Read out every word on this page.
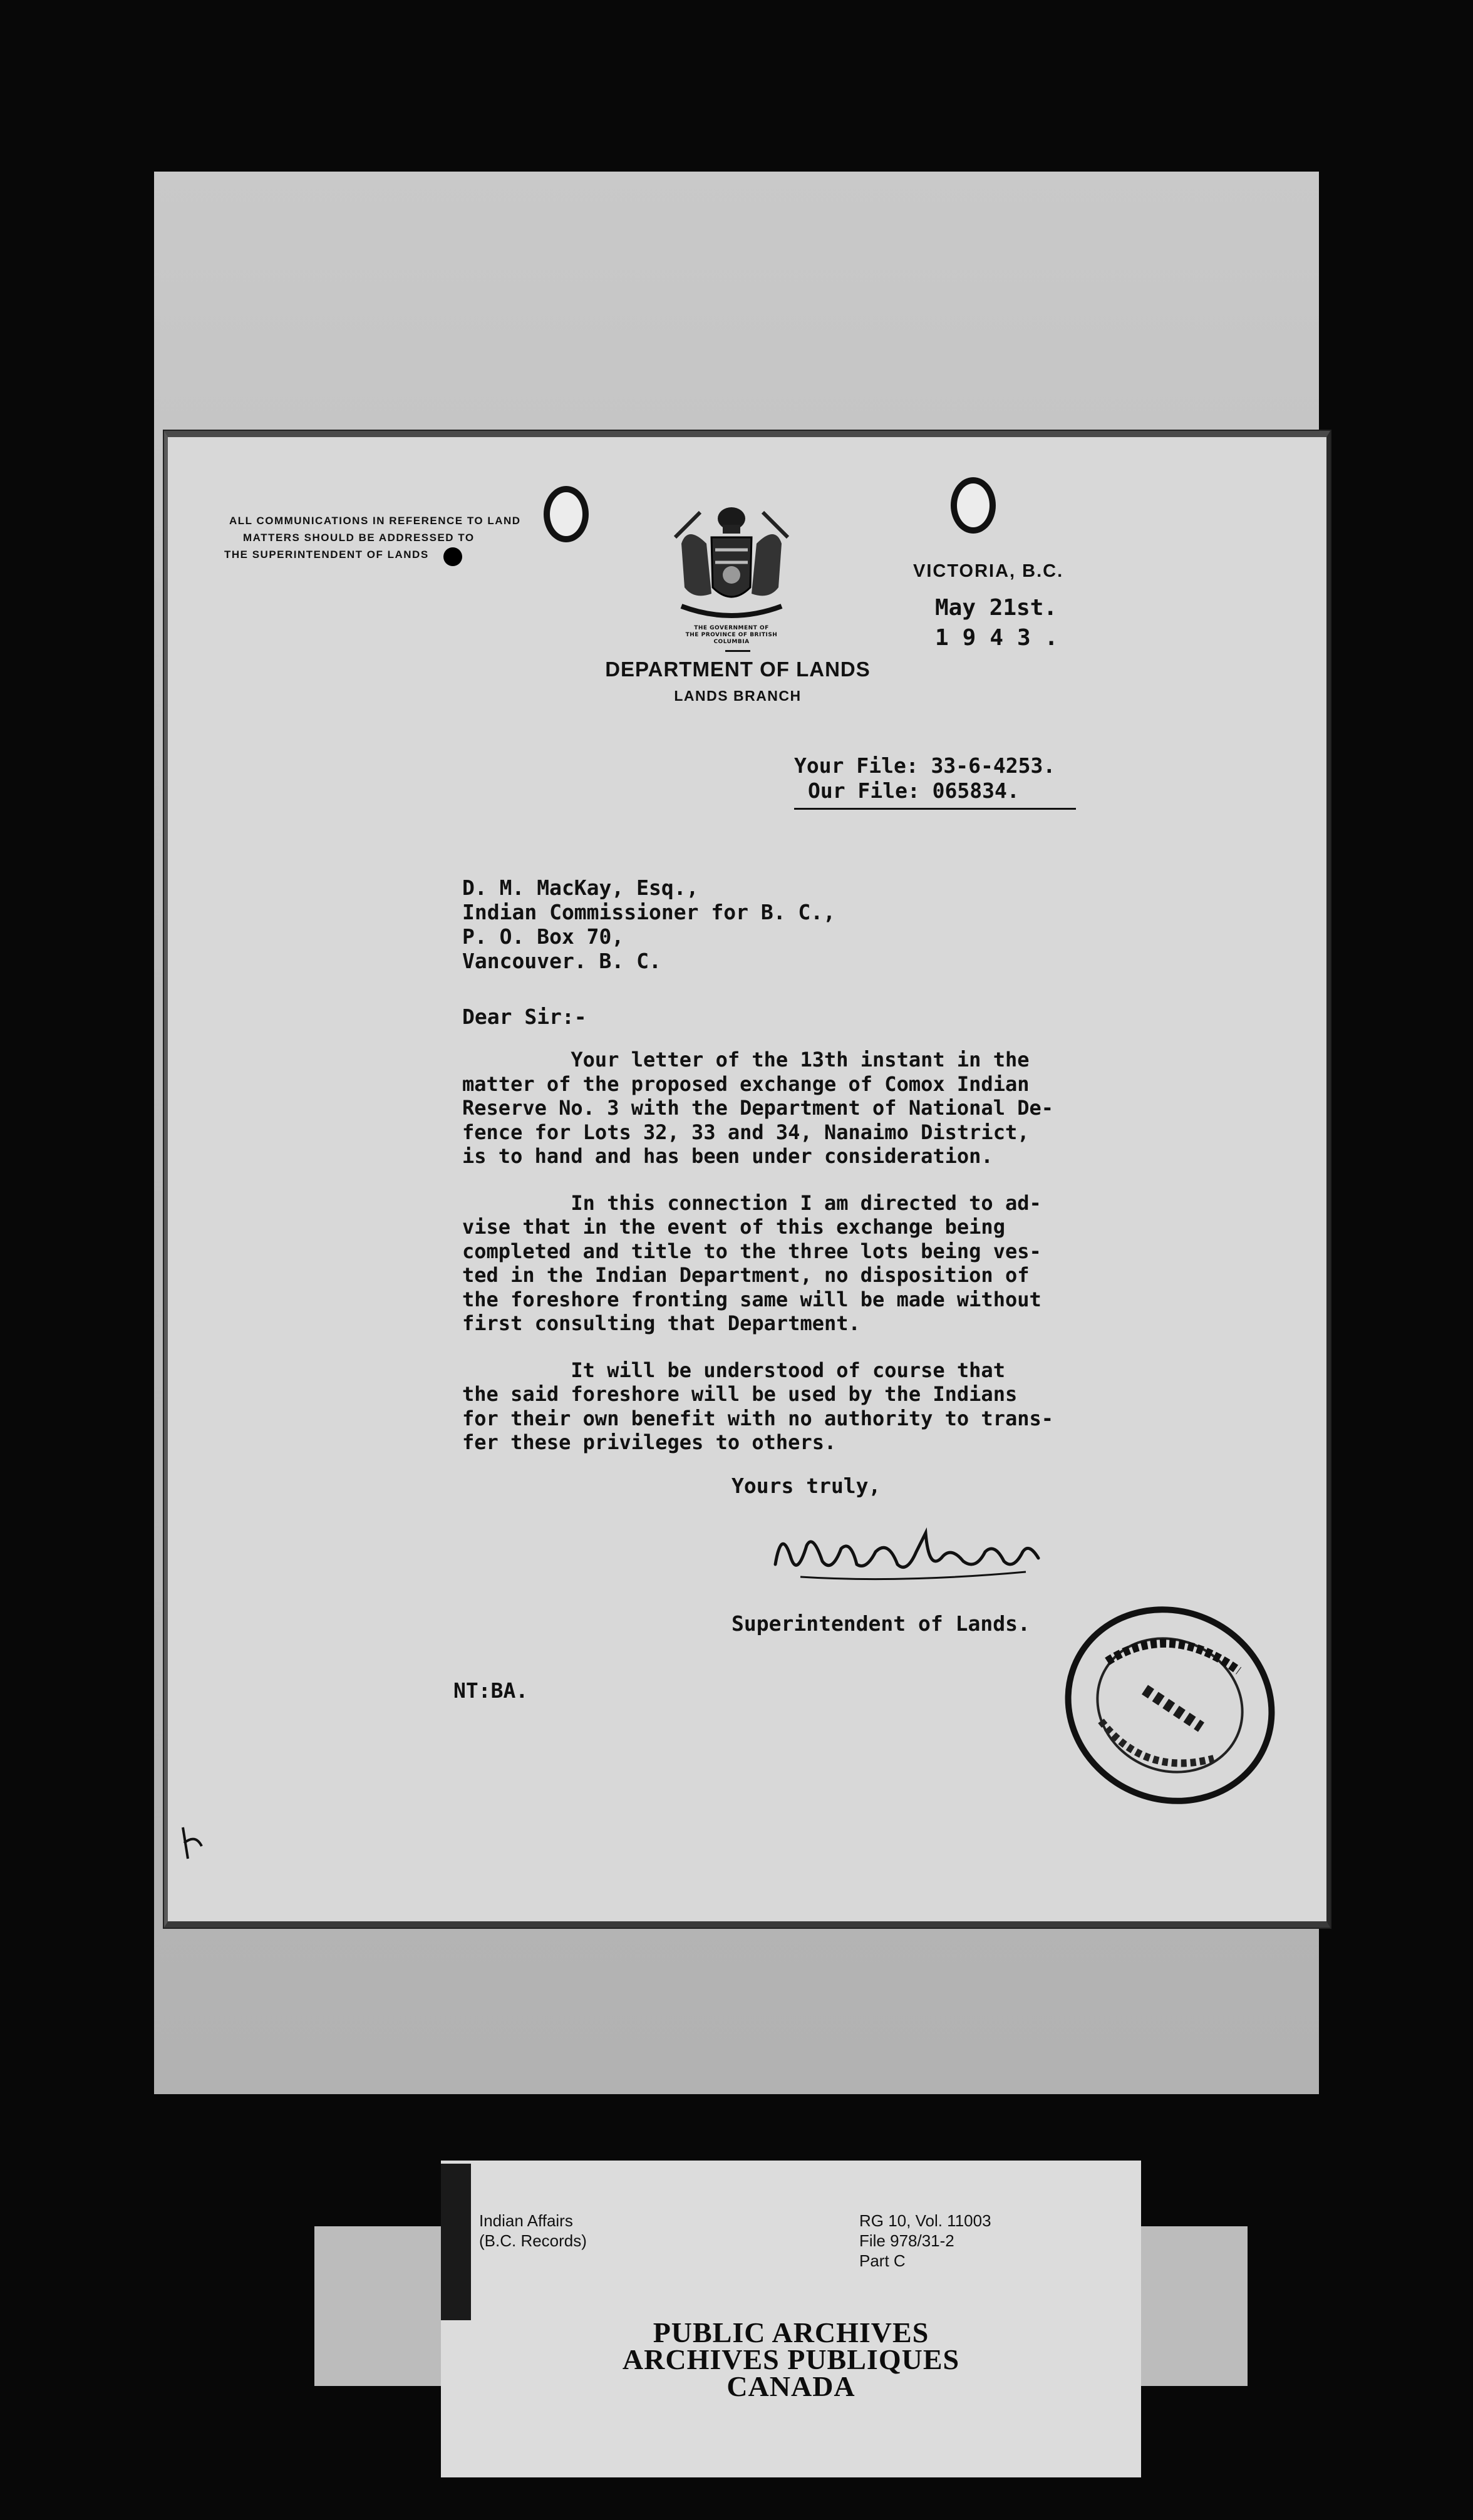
ALL COMMUNICATIONS IN REFERENCE TO LAND
MATTERS SHOULD BE ADDRESSED TO
THE SUPERINTENDENT OF LANDS
THE GOVERNMENT OF
THE PROVINCE OF BRITISH COLUMBIA
DEPARTMENT OF LANDS
LANDS BRANCH
VICTORIA, B.C.
May 21st.
1943.
Your File: 33-6-4253.
Our File: 065834.
D. M. MacKay, Esq.,
Indian Commissioner for B. C.,
P. O. Box 70,
Vancouver. B. C.
Dear Sir:-
Your letter of the 13th instant in the
matter of the proposed exchange of Comox Indian
Reserve No. 3 with the Department of National De-
fence for Lots 32, 33 and 34, Nanaimo District,
is to hand and has been under consideration.
In this connection I am directed to ad-
vise that in the event of this exchange being
completed and title to the three lots being ves-
ted in the Indian Department, no disposition of
the foreshore fronting same will be made without
first consulting that Department.
It will be understood of course that
the said foreshore will be used by the Indians
for their own benefit with no authority to trans-
fer these privileges to others.
Yours truly,
Superintendent of Lands.
NT:BA.
Indian Affairs
(B.C. Records)
RG 10, Vol. 11003
File 978/31-2
Part C
PUBLIC ARCHIVES
ARCHIVES PUBLIQUES
CANADA
